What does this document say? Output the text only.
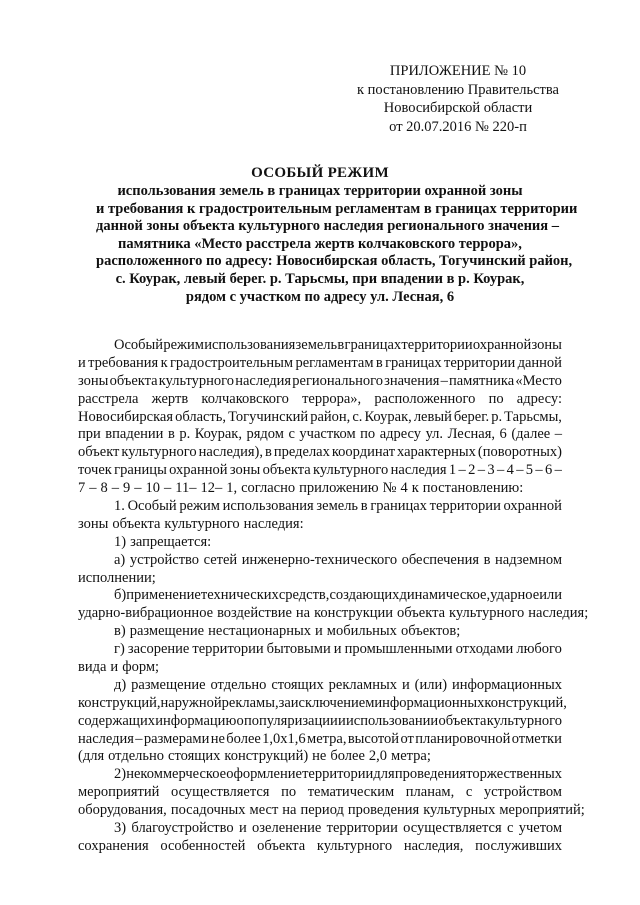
ПРИЛОЖЕНИЕ № 10
к постановлению Правительства
Новосибирской области
от 20.07.2016 № 220-п
ОСОБЫЙ РЕЖИМ
использования земель в границах территории охранной зоны
и требования к градостроительным регламентам в границах территории
данной зоны объекта культурного наследия регионального значения –
памятника «Место расстрела жертв колчаковского террора»,
расположенного по адресу: Новосибирская область, Тогучинский район,
с. Коурак, левый берег. р. Тарьсмы, при впадении в р. Коурак,
рядом с участком по адресу ул. Лесная, 6
Особый режим использования земель в границах территории охранной зоны
и требования к градостроительным регламентам в границах территории данной
зоны объекта культурного наследия регионального значения – памятника «Место
расстрела жертв колчаковского террора», расположенного по адресу:
Новосибирская область, Тогучинский район, с. Коурак, левый берег. р. Тарьсмы,
при впадении в р. Коурак, рядом с участком по адресу ул. Лесная, 6 (далее –
объект культурного наследия), в пределах координат характерных (поворотных)
точек границы охранной зоны объекта культурного наследия 1 – 2 – 3 – 4 – 5 – 6 –
7 – 8 – 9 – 10 – 11– 12– 1, согласно приложению № 4 к постановлению:
1. Особый режим использования земель в границах территории охранной
зоны объекта культурного наследия:
1) запрещается:
а) устройство сетей инженерно-технического обеспечения в надземном
исполнении;
б) применение технических средств, создающих динамическое, ударное или
ударно-вибрационное воздействие на конструкции объекта культурного наследия;
в) размещение нестационарных и мобильных объектов;
г) засорение территории бытовыми и промышленными отходами любого
вида и форм;
д) размещение отдельно стоящих рекламных и (или) информационных
конструкций, наружной рекламы, за исключением информационных конструкций,
содержащих информацию о популяризации и использовании объекта культурного
наследия – размерами не более 1,0х1,6 метра, высотой от планировочной отметки
(для отдельно стоящих конструкций) не более 2,0 метра;
2) некоммерческое оформление территории для проведения торжественных
мероприятий осуществляется по тематическим планам, с устройством
оборудования, посадочных мест на период проведения культурных мероприятий;
3) благоустройство и озеленение территории осуществляется с учетом
сохранения особенностей объекта культурного наследия, послуживших
